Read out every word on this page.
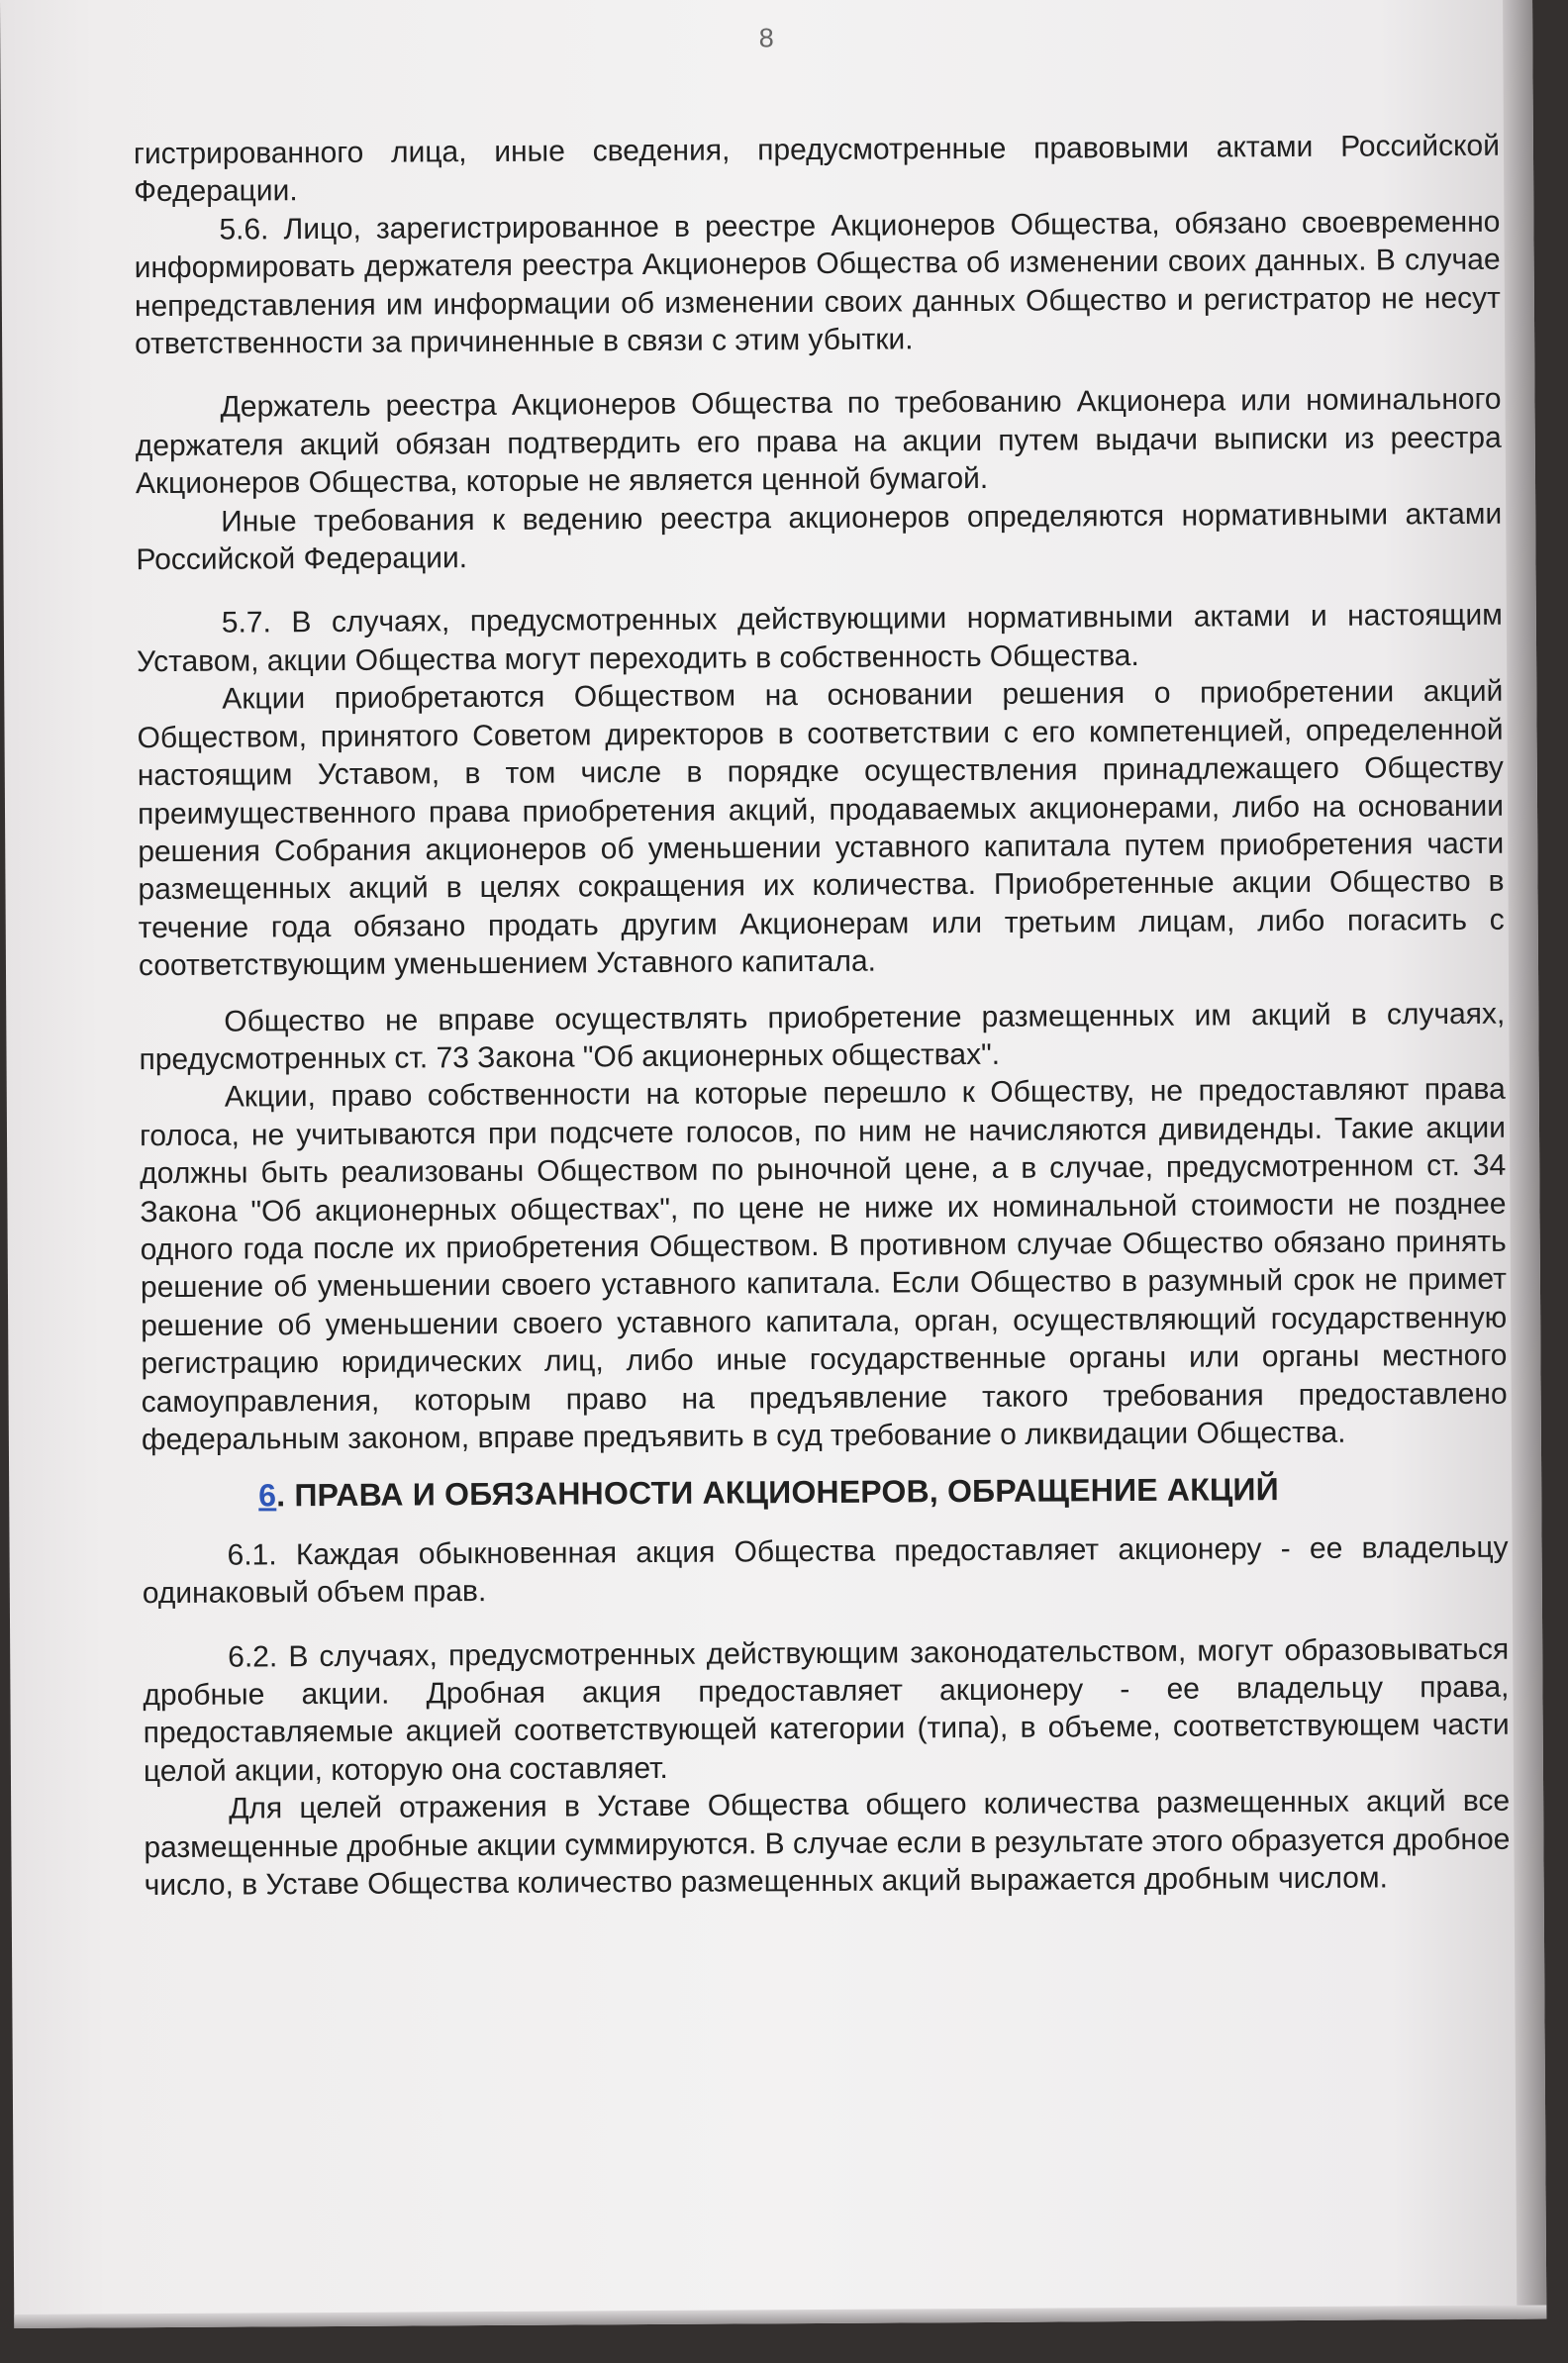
8

гистрированного лица, иные сведения, предусмотренные правовыми актами Российской Федерации.

5.6. Лицо, зарегистрированное в реестре Акционеров Общества, обязано своевременно информировать держателя реестра Акционеров Общества об изменении своих данных. В случае непредставления им информации об изменении своих данных Общество и регистратор не несут ответственности за причиненные в связи с этим убытки.

Держатель реестра Акционеров Общества по требованию Акционера или номинального держателя акций обязан подтвердить его права на акции путем выдачи выписки из реестра Акционеров Общества, которые не является ценной бумагой.

Иные требования к ведению реестра акционеров определяются нормативными актами Российской Федерации.

5.7. В случаях, предусмотренных действующими нормативными актами и настоящим Уставом, акции Общества могут переходить в собственность Общества.

Акции приобретаются Обществом на основании решения о приобретении акций Обществом, принятого Советом директоров в соответствии с его компетенцией, определенной настоящим Уставом, в том числе в порядке осуществления принадлежащего Обществу преимущественного права приобретения акций, продаваемых акционерами, либо на основании решения Собрания акционеров об уменьшении уставного капитала путем приобретения части размещенных акций в целях сокращения их количества. Приобретенные акции Общество в течение года обязано продать другим Акционерам или третьим лицам, либо погасить с соответствующим уменьшением Уставного капитала.

Общество не вправе осуществлять приобретение размещенных им акций в случаях, предусмотренных ст. 73 Закона "Об акционерных обществах".

Акции, право собственности на которые перешло к Обществу, не предоставляют права голоса, не учитываются при подсчете голосов, по ним не начисляются дивиденды. Такие акции должны быть реализованы Обществом по рыночной цене, а в случае, предусмотренном ст. 34 Закона "Об акционерных обществах", по цене не ниже их номинальной стоимости не позднее одного года после их приобретения Обществом. В противном случае Общество обязано принять решение об уменьшении своего уставного капитала. Если Общество в разумный срок не примет решение об уменьшении своего уставного капитала, орган, осуществляющий государственную регистрацию юридических лиц, либо иные государственные органы или органы местного самоуправления, которым право на предъявление такого требования предоставлено федеральным законом, вправе предъявить в суд требование о ликвидации Общества.

6. ПРАВА И ОБЯЗАННОСТИ АКЦИОНЕРОВ, ОБРАЩЕНИЕ АКЦИЙ

6.1. Каждая обыкновенная акция Общества предоставляет акционеру - ее владельцу одинаковый объем прав.

6.2. В случаях, предусмотренных действующим законодательством, могут образовываться дробные акции. Дробная акция предоставляет акционеру - ее владельцу права, предоставляемые акцией соответствующей категории (типа), в объеме, соответствующем части целой акции, которую она составляет.

Для целей отражения в Уставе Общества общего количества размещенных акций все размещенные дробные акции суммируются. В случае если в результате этого образуется дробное число, в Уставе Общества количество размещенных акций выражается дробным числом.
